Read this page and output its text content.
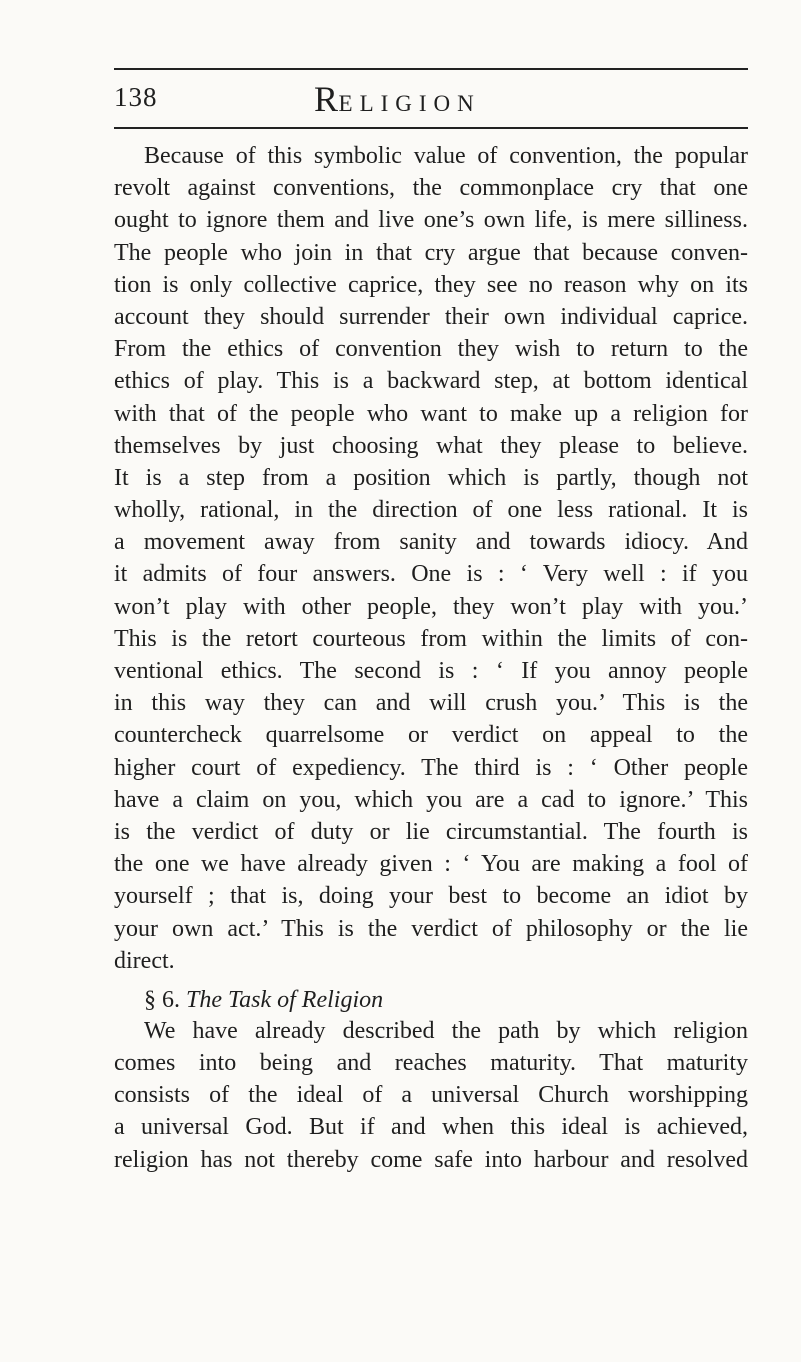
138	RELIGION
Because of this symbolic value of convention, the popular
revolt against conventions, the commonplace cry that one
ought to ignore them and live one’s own life, is mere silliness.
The people who join in that cry argue that because conven-
tion is only collective caprice, they see no reason why on its
account they should surrender their own individual caprice.
From the ethics of convention they wish to return to the
ethics of play. This is a backward step, at bottom identical
with that of the people who want to make up a religion for
themselves by just choosing what they please to believe.
It is a step from a position which is partly, though not
wholly, rational, in the direction of one less rational. It is
a movement away from sanity and towards idiocy. And
it admits of four answers. One is : ‘ Very well : if you
won’t play with other people, they won’t play with you.’
This is the retort courteous from within the limits of con-
ventional ethics. The second is : ‘ If you annoy people
in this way they can and will crush you.’ This is the
countercheck quarrelsome or verdict on appeal to the
higher court of expediency. The third is : ‘ Other people
have a claim on you, which you are a cad to ignore.’ This
is the verdict of duty or lie circumstantial. The fourth is
the one we have already given : ‘ You are making a fool of
yourself ; that is, doing your best to become an idiot by
your own act.’ This is the verdict of philosophy or the lie
direct.
§ 6. The Task of Religion
We have already described the path by which religion
comes into being and reaches maturity. That maturity
consists of the ideal of a universal Church worshipping
a universal God. But if and when this ideal is achieved,
religion has not thereby come safe into harbour and resolved
